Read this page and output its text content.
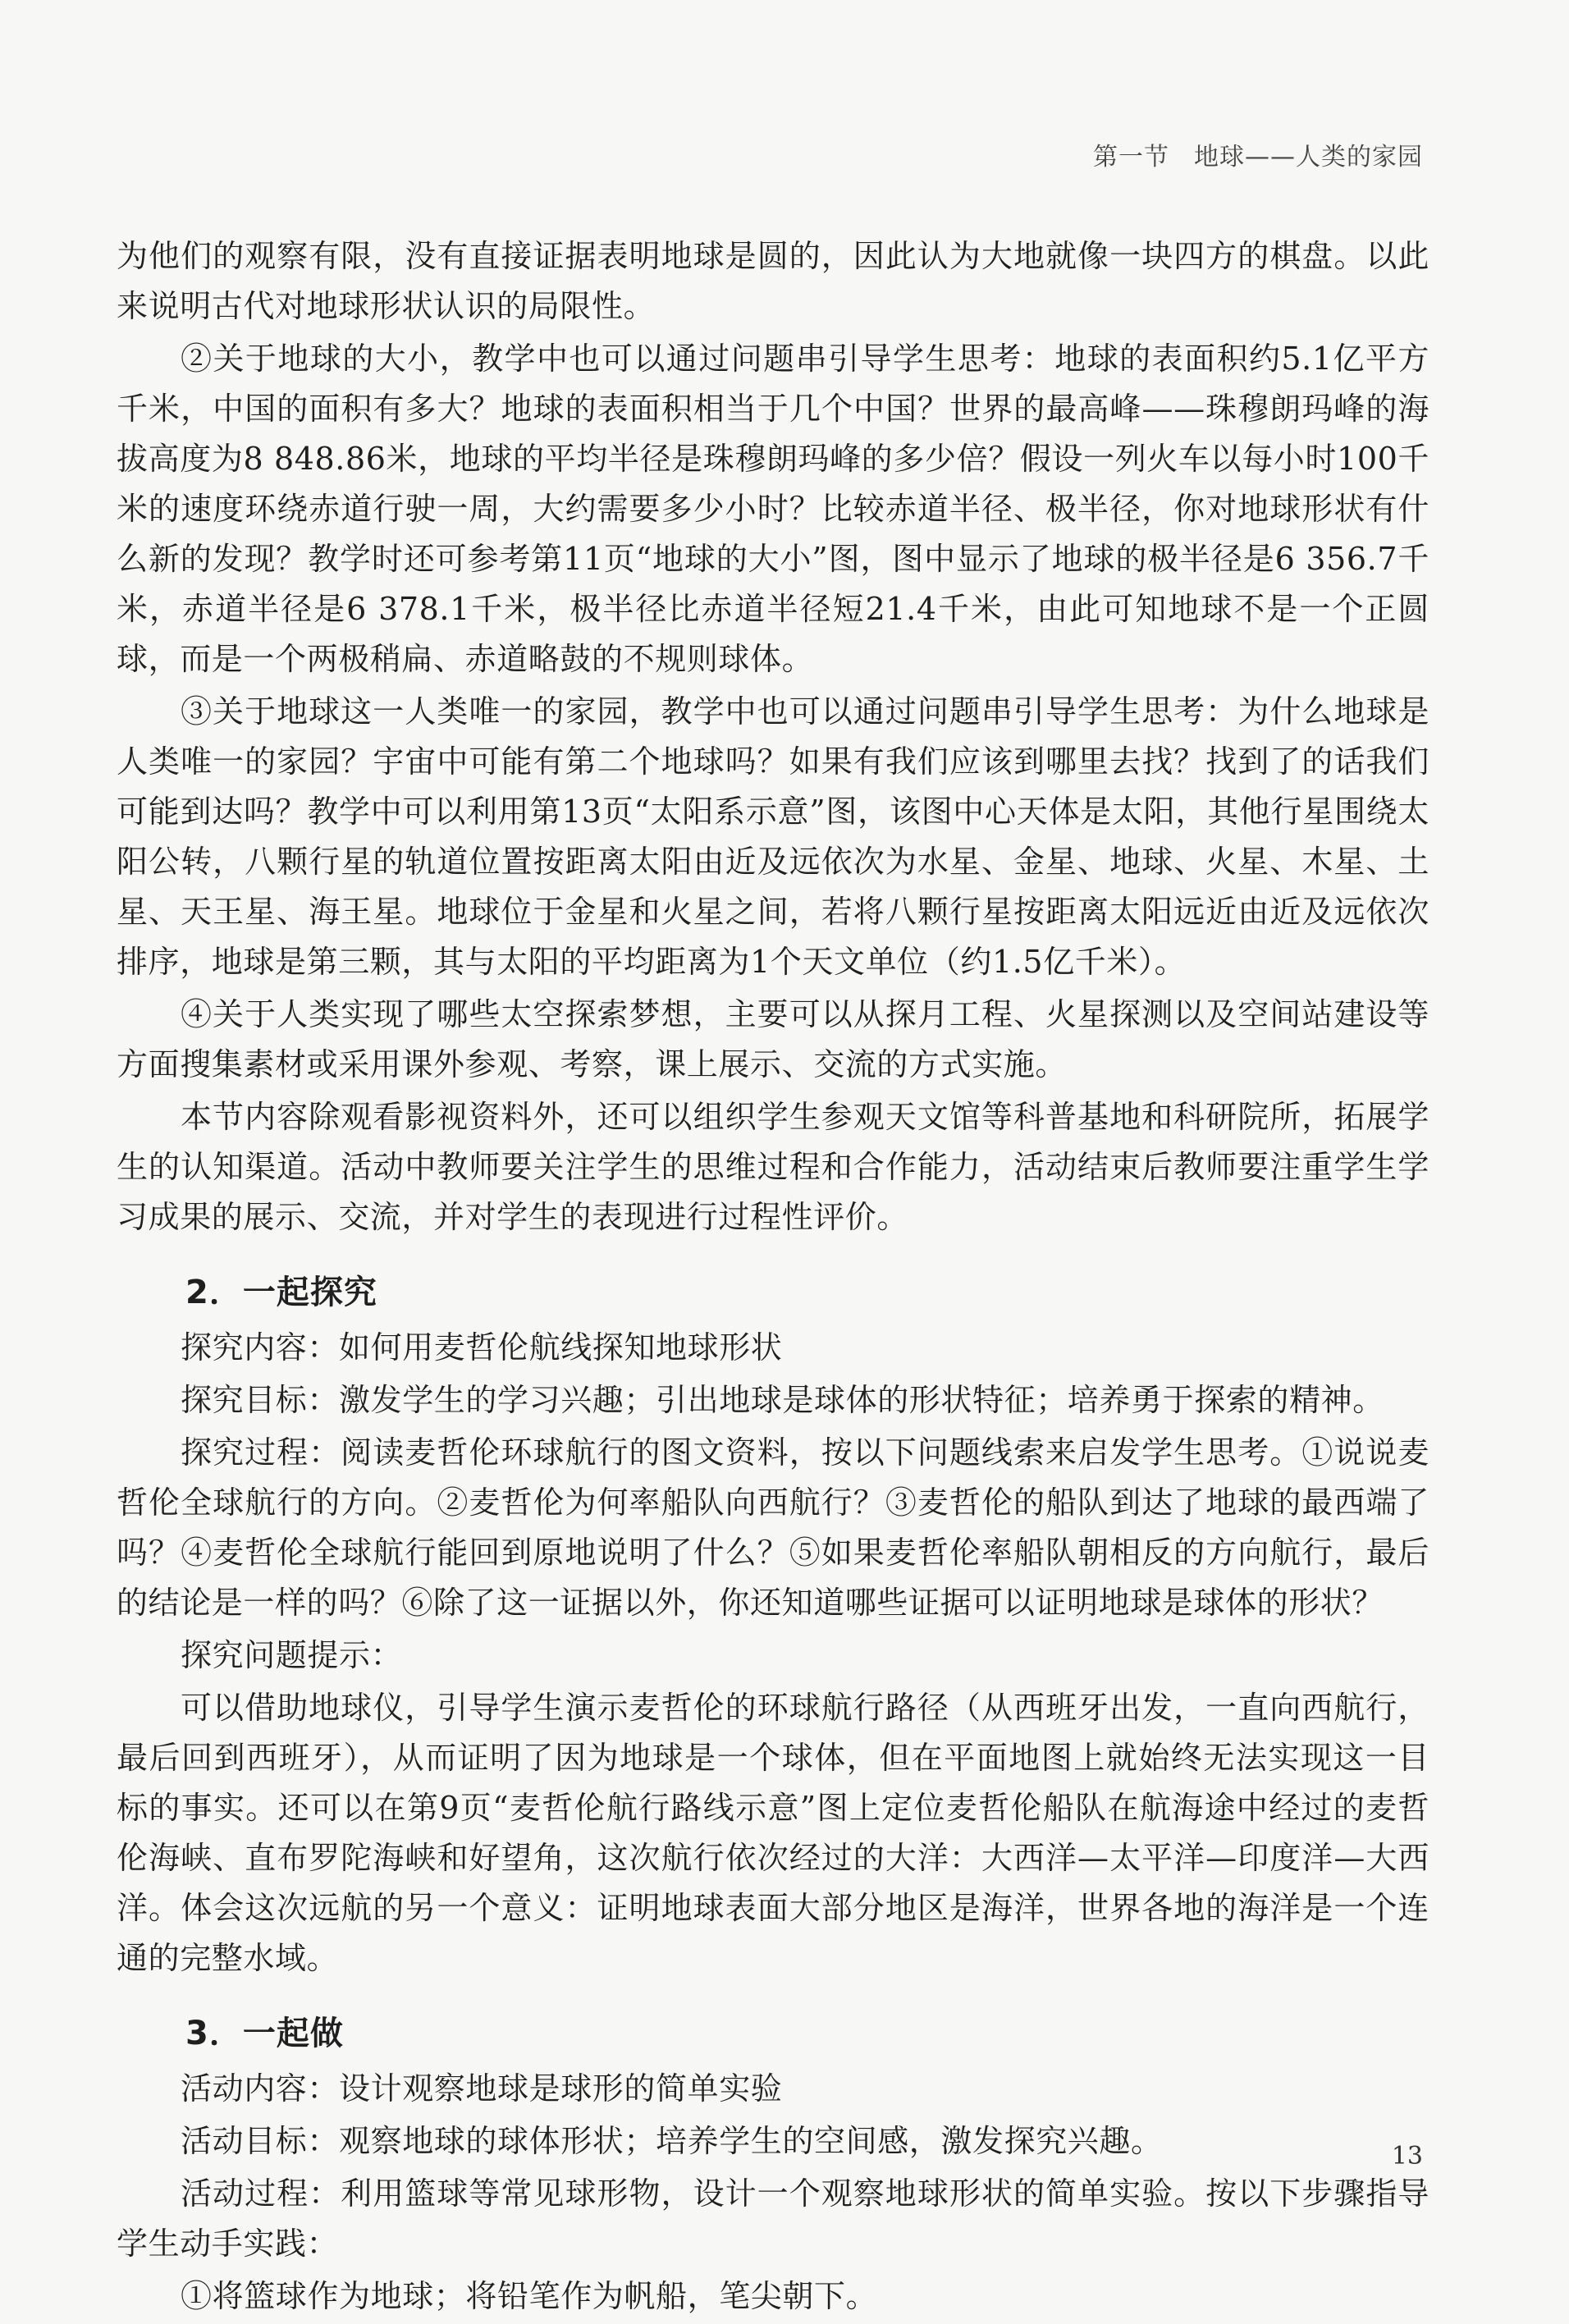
第一节 地球——人类的家园

为他们的观察有限，没有直接证据表明地球是圆的，因此认为大地就像一块四方的棋盘。以此来说明古代对地球形状认识的局限性。

②关于地球的大小，教学中也可以通过问题串引导学生思考：地球的表面积约5.1亿平方千米，中国的面积有多大？地球的表面积相当于几个中国？世界的最高峰——珠穆朗玛峰的海拔高度为8 848.86米，地球的平均半径是珠穆朗玛峰的多少倍？假设一列火车以每小时100千米的速度环绕赤道行驶一周，大约需要多少小时？比较赤道半径、极半径，你对地球形状有什么新的发现？教学时还可参考第11页“地球的大小”图，图中显示了地球的极半径是6 356.7千米，赤道半径是6 378.1千米，极半径比赤道半径短21.4千米，由此可知地球不是一个正圆球，而是一个两极稍扁、赤道略鼓的不规则球体。

③关于地球这一人类唯一的家园，教学中也可以通过问题串引导学生思考：为什么地球是人类唯一的家园？宇宙中可能有第二个地球吗？如果有我们应该到哪里去找？找到了的话我们可能到达吗？教学中可以利用第13页“太阳系示意”图，该图中心天体是太阳，其他行星围绕太阳公转，八颗行星的轨道位置按距离太阳由近及远依次为水星、金星、地球、火星、木星、土星、天王星、海王星。地球位于金星和火星之间，若将八颗行星按距离太阳远近由近及远依次排序，地球是第三颗，其与太阳的平均距离为1个天文单位（约1.5亿千米）。

④关于人类实现了哪些太空探索梦想，主要可以从探月工程、火星探测以及空间站建设等方面搜集素材或采用课外参观、考察，课上展示、交流的方式实施。

本节内容除观看影视资料外，还可以组织学生参观天文馆等科普基地和科研院所，拓展学生的认知渠道。活动中教师要关注学生的思维过程和合作能力，活动结束后教师要注重学生学习成果的展示、交流，并对学生的表现进行过程性评价。

2．一起探究

探究内容：如何用麦哲伦航线探知地球形状

探究目标：激发学生的学习兴趣；引出地球是球体的形状特征；培养勇于探索的精神。

探究过程：阅读麦哲伦环球航行的图文资料，按以下问题线索来启发学生思考。①说说麦哲伦全球航行的方向。②麦哲伦为何率船队向西航行？③麦哲伦的船队到达了地球的最西端了吗？④麦哲伦全球航行能回到原地说明了什么？⑤如果麦哲伦率船队朝相反的方向航行，最后的结论是一样的吗？⑥除了这一证据以外，你还知道哪些证据可以证明地球是球体的形状？

探究问题提示：

可以借助地球仪，引导学生演示麦哲伦的环球航行路径（从西班牙出发，一直向西航行，最后回到西班牙），从而证明了因为地球是一个球体，但在平面地图上就始终无法实现这一目标的事实。还可以在第9页“麦哲伦航行路线示意”图上定位麦哲伦船队在航海途中经过的麦哲伦海峡、直布罗陀海峡和好望角，这次航行依次经过的大洋：大西洋—太平洋—印度洋—大西洋。体会这次远航的另一个意义：证明地球表面大部分地区是海洋，世界各地的海洋是一个连通的完整水域。

3．一起做

活动内容：设计观察地球是球形的简单实验

活动目标：观察地球的球体形状；培养学生的空间感，激发探究兴趣。

活动过程：利用篮球等常见球形物，设计一个观察地球形状的简单实验。按以下步骤指导学生动手实践：

①将篮球作为地球；将铅笔作为帆船，笔尖朝下。

13
